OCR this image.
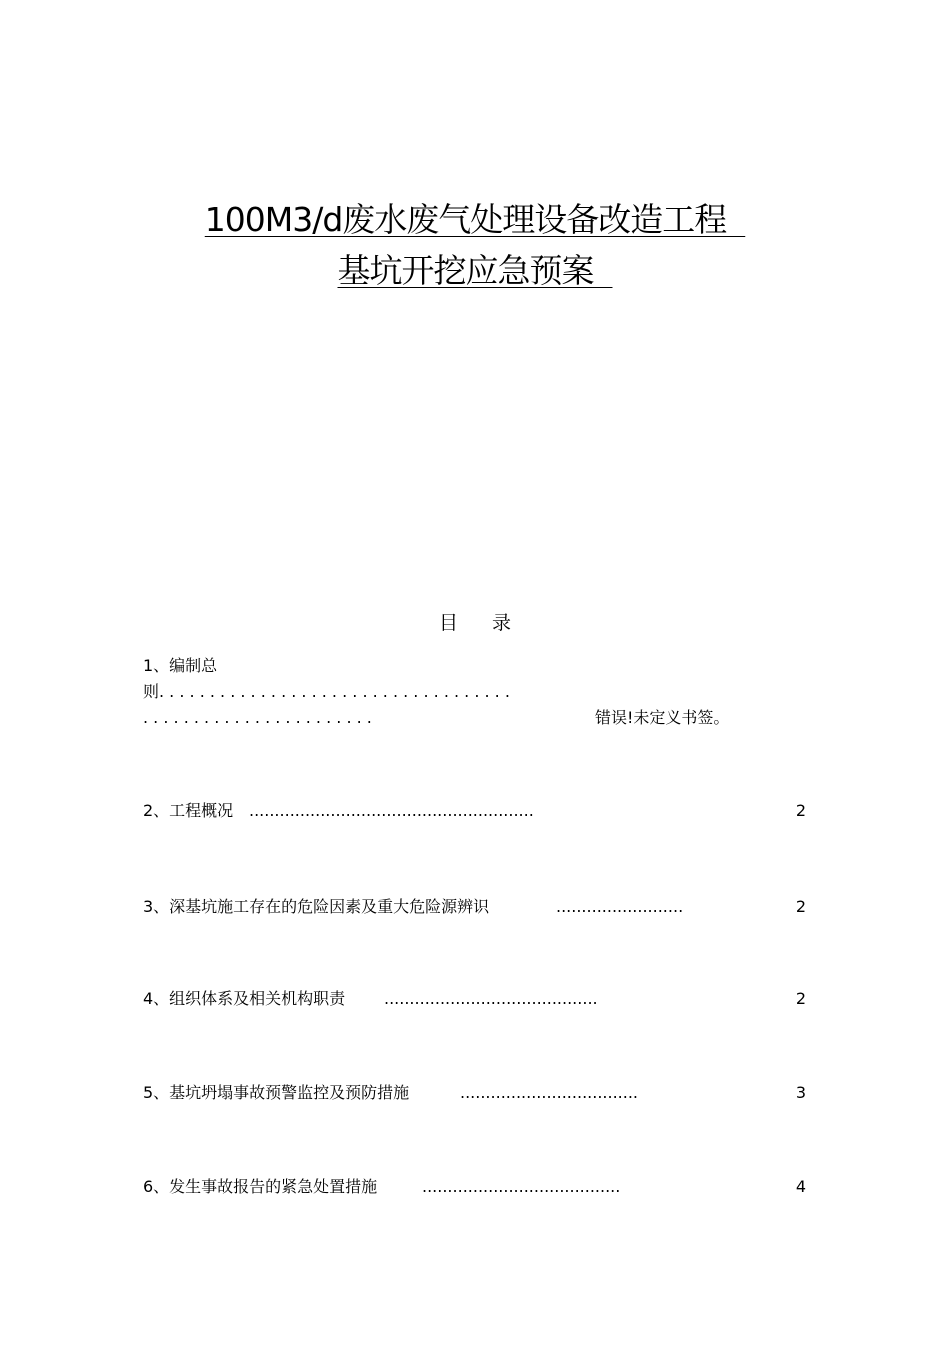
100M3/d废水废气处理设备改造工程
基坑开挖应急预案
目录
1、编制总
则. . . . . . . . . . . . . . . . . . . . . . . . . . . . . . . . . . .
. . . . . . . . . . . . . . . . . . . . . . .	错误!未定义书签。
2、工程概况 ........................................................	2
3、深基坑施工存在的危险因素及重大危险源辨识	.........................	2
4、组织体系及相关机构职责 ..........................................	2
5、基坑坍塌事故预警监控及预防措施	...................................	3
6、发生事故报告的紧急处置措施	.......................................	4
